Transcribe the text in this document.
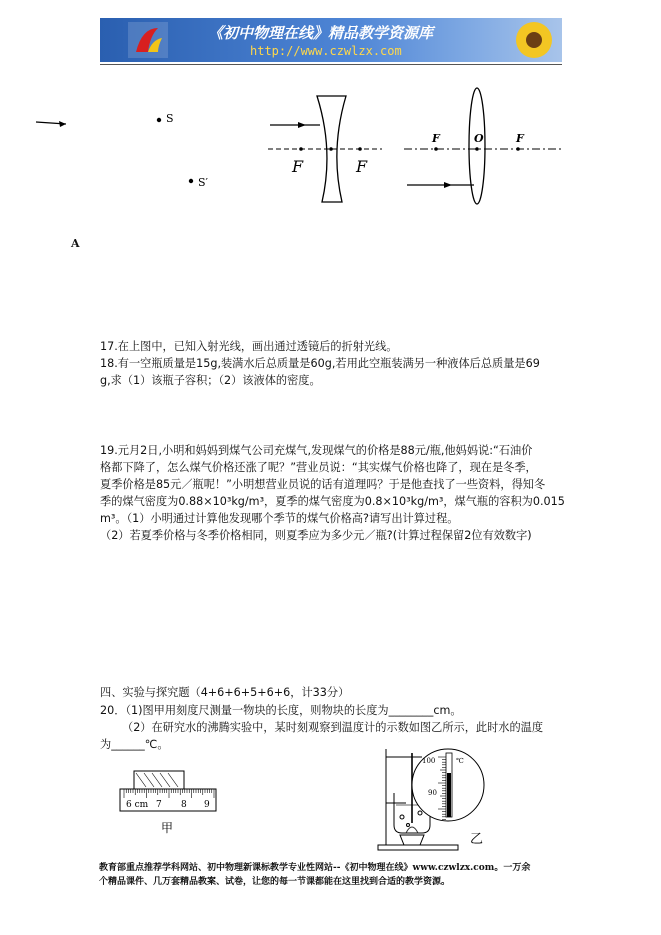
《初中物理在线》精品教学资源库
http://www.czwlzx.com
S
S′
F	F
F	O	F
A
17.在上图中，已知入射光线，画出通过透镜后的折射光线。
18.有一空瓶质量是15g,装满水后总质量是60g,若用此空瓶装满另一种液体后总质量是69
g,求（1）该瓶子容积；（2）该液体的密度。
19.元月2日,小明和妈妈到煤气公司充煤气,发现煤气的价格是88元/瓶,他妈妈说:“石油价
格都下降了，怎么煤气价格还涨了呢？”营业员说：“其实煤气价格也降了，现在是冬季，
夏季价格是85元／瓶呢！”小明想营业员说的话有道理吗？于是他查找了一些资料，得知冬
季的煤气密度为0.88×10³kg/m³，夏季的煤气密度为0.8×10³kg/m³，煤气瓶的容积为0.015
m³。（1）小明通过计算他发现哪个季节的煤气价格高?请写出计算过程。
（2）若夏季价格与冬季价格相同，则夏季应为多少元／瓶?(计算过程保留2位有效数字)
四、实验与探究题（4+6+6+5+6+6，计33分）
20．（1)图甲用刻度尺测量一物块的长度，则物块的长度为________cm。
（2）在研究水的沸腾实验中，某时刻观察到温度计的示数如图乙所示，此时水的温度
为______℃。
6 cm 7 8 9
甲
100
90
℃
乙
教育部重点推荐学科网站、初中物理新课标教学专业性网站--《初中物理在线》www.czwlzx.com。一万余
个精品课件、几万套精品教案、试卷，让您的每一节课都能在这里找到合适的教学资源。
